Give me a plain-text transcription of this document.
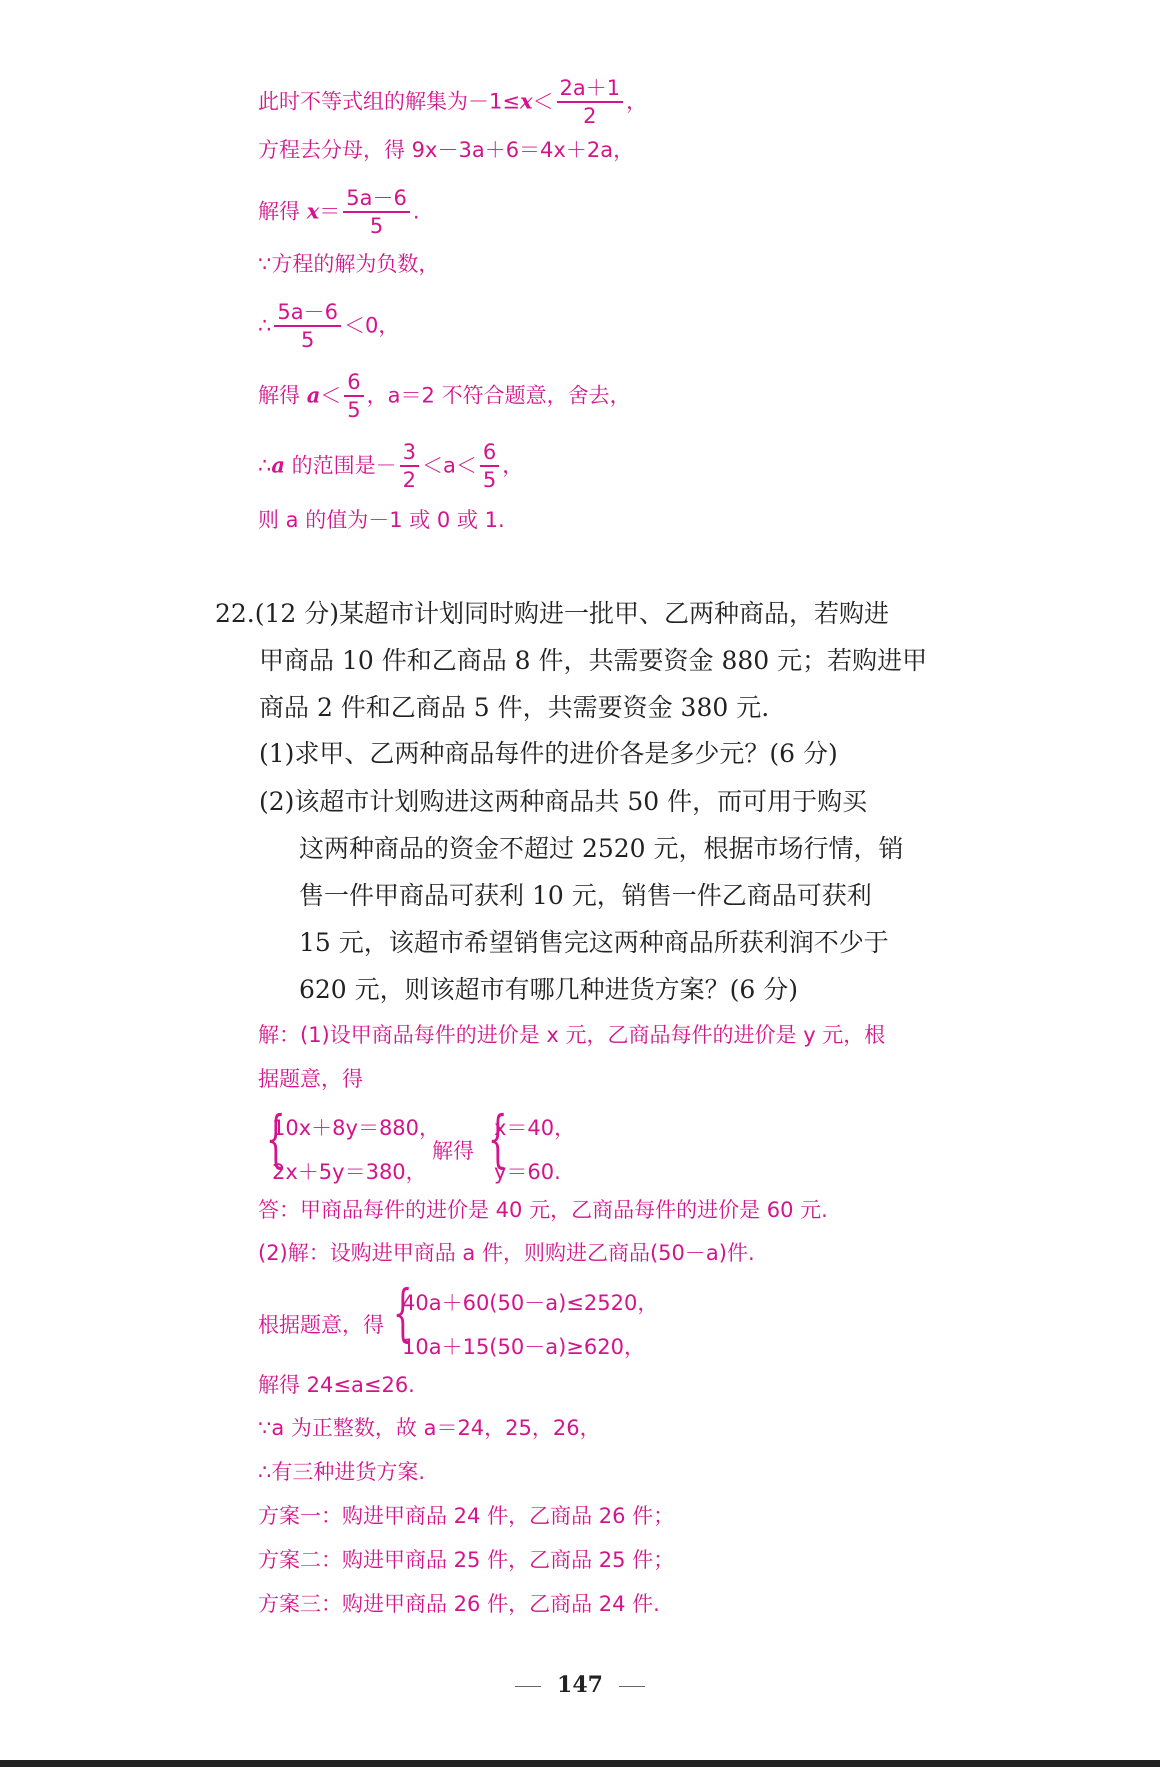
此时不等式组的解集为$-1\le x< \frac{2a+1}{2}$ ，
方程去分母，得 9x－3a＋6＝4x＋2a，
解得 $x= \frac{5a-6}{5}$ .
∵方程的解为负数，
∴ $\frac{5a-6}{5} <0$，
解得 $a< \frac{6}{5}$ ，a＝2 不符合题意，舍去，
∴a 的范围是－ $\frac{3}{2} <a< \frac{6}{5}$ ，
则 a 的值为－1 或 0 或 1.
22.(12 分)某超市计划同时购进一批甲、乙两种商品，若购进
甲商品 10 件和乙商品 8 件，共需要资金 880 元；若购进甲
商品 2 件和乙商品 5 件，共需要资金 380 元.
(1)求甲、乙两种商品每件的进价各是多少元？(6 分)
(2)该超市计划购进这两种商品共 50 件，而可用于购买
这两种商品的资金不超过 2520 元，根据市场行情，销
售一件甲商品可获利 10 元，销售一件乙商品可获利
15 元，该超市希望销售完这两种商品所获利润不少于
620 元，则该超市有哪几种进货方案？(6 分)
解：(1)设甲商品每件的进价是 x 元，乙商品每件的进价是 y 元，根
据题意，得
{
10x＋8y＝880，
2x＋5y＝380，
解得 {
x＝40，
y＝60.
答：甲商品每件的进价是 40 元，乙商品每件的进价是 60 元.
(2)解：设购进甲商品 a 件，则购进乙商品(50－a)件.
根据题意，得 {
40a＋60(50－a)≤2520，
10a＋15(50－a)≥620，
解得 24≤a≤26.
∵a 为正整数，故 a＝24，25，26，
∴有三种进货方案.
方案一：购进甲商品 24 件，乙商品 26 件；
方案二：购进甲商品 25 件，乙商品 25 件；
方案三：购进甲商品 26 件，乙商品 24 件.
147
